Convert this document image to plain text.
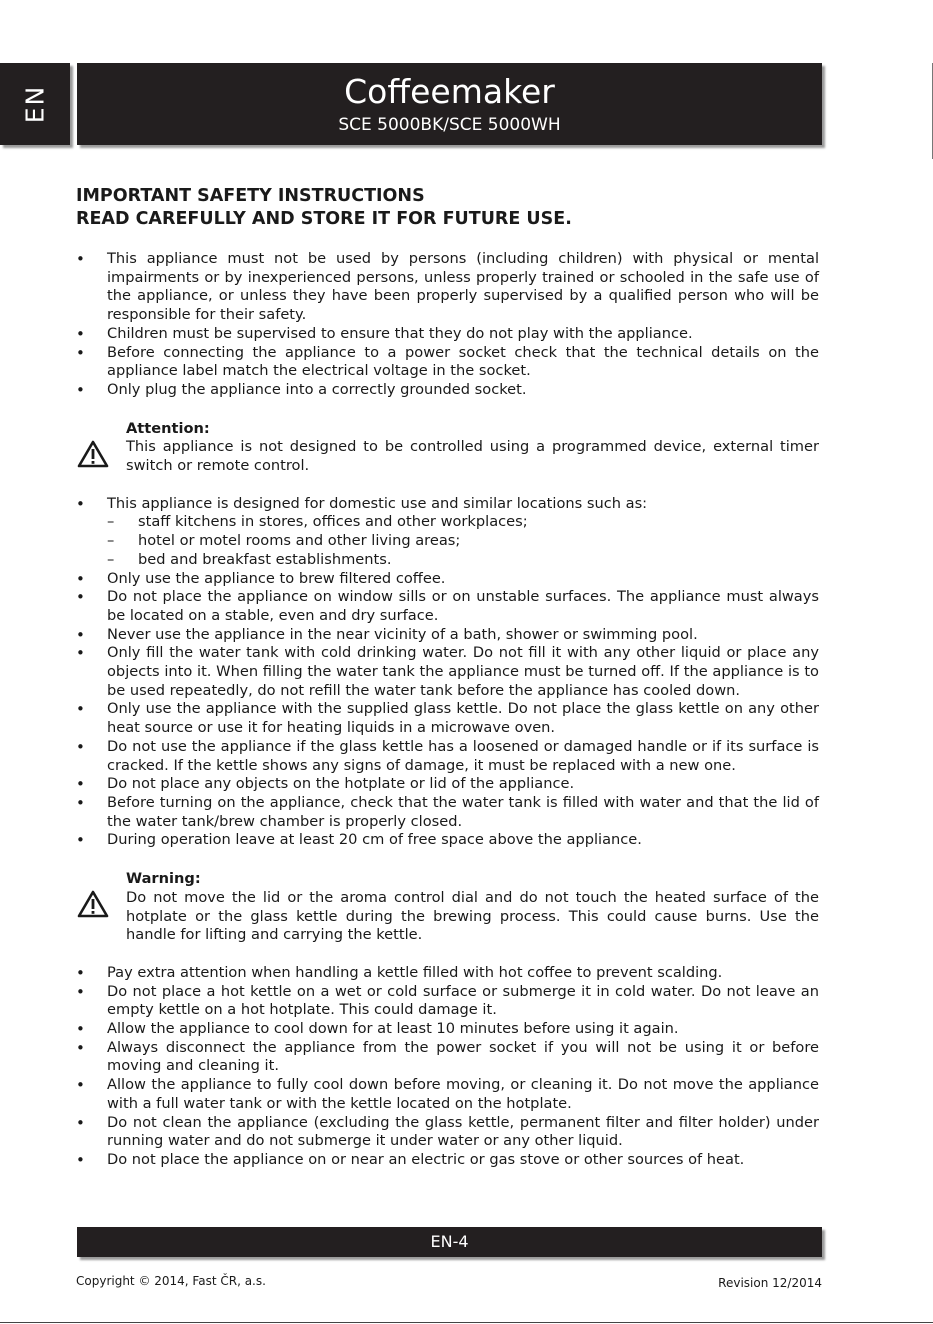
EN	Coffeemaker
SCE 5000BK/SCE 5000WH
IMPORTANT SAFETY INSTRUCTIONS
READ CAREFULLY AND STORE IT FOR FUTURE USE.
• This appliance must not be used by persons (including children) with physical or mental impairments or by inexperienced persons, unless properly trained or schooled in the safe use of the appliance, or unless they have been properly supervised by a qualified person who will be responsible for their safety.
• Children must be supervised to ensure that they do not play with the appliance.
• Before connecting the appliance to a power socket check that the technical details on the appliance label match the electrical voltage in the socket.
• Only plug the appliance into a correctly grounded socket.
Attention:
This appliance is not designed to be controlled using a programmed device, external timer switch or remote control.
• This appliance is designed for domestic use and similar locations such as:
– staff kitchens in stores, offices and other workplaces;
– hotel or motel rooms and other living areas;
– bed and breakfast establishments.
• Only use the appliance to brew filtered coffee.
• Do not place the appliance on window sills or on unstable surfaces. The appliance must always be located on a stable, even and dry surface.
• Never use the appliance in the near vicinity of a bath, shower or swimming pool.
• Only fill the water tank with cold drinking water. Do not fill it with any other liquid or place any objects into it. When filling the water tank the appliance must be turned off. If the appliance is to be used repeatedly, do not refill the water tank before the appliance has cooled down.
• Only use the appliance with the supplied glass kettle. Do not place the glass kettle on any other heat source or use it for heating liquids in a microwave oven.
• Do not use the appliance if the glass kettle has a loosened or damaged handle or if its surface is cracked. If the kettle shows any signs of damage, it must be replaced with a new one.
• Do not place any objects on the hotplate or lid of the appliance.
• Before turning on the appliance, check that the water tank is filled with water and that the lid of the water tank/brew chamber is properly closed.
• During operation leave at least 20 cm of free space above the appliance.
Warning:
Do not move the lid or the aroma control dial and do not touch the heated surface of the hotplate or the glass kettle during the brewing process. This could cause burns. Use the handle for lifting and carrying the kettle.
• Pay extra attention when handling a kettle filled with hot coffee to prevent scalding.
• Do not place a hot kettle on a wet or cold surface or submerge it in cold water. Do not leave an empty kettle on a hot hotplate. This could damage it.
• Allow the appliance to cool down for at least 10 minutes before using it again.
• Always disconnect the appliance from the power socket if you will not be using it or before moving and cleaning it.
• Allow the appliance to fully cool down before moving, or cleaning it. Do not move the appliance with a full water tank or with the kettle located on the hotplate.
• Do not clean the appliance (excluding the glass kettle, permanent filter and filter holder) under running water and do not submerge it under water or any other liquid.
• Do not place the appliance on or near an electric or gas stove or other sources of heat.
EN-4
Copyright © 2014, Fast ČR, a.s.	Revision 12/2014
